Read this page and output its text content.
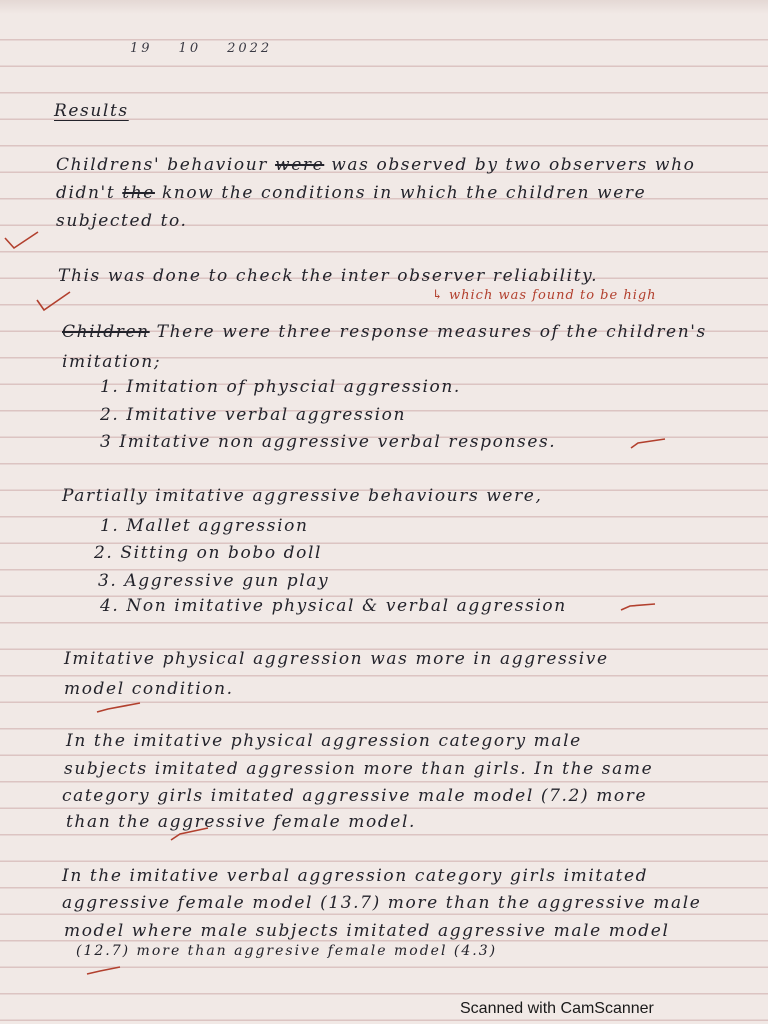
19 10 2022
Results
Childrens' behaviour were was observed by two observers who
didn't the know the conditions in which the children were
subjected to.
This was done to check the inter observer reliability.
↳ which was found to be high
Children There were three response measures of the children's
imitation;
1. Imitation of physcial aggression.
2. Imitative verbal aggression
3 Imitative non aggressive verbal responses.
Partially imitative aggressive behaviours were,
1. Mallet aggression
2. Sitting on bobo doll
3. Aggressive gun play
4. Non imitative physical & verbal aggression
Imitative physical aggression was more in aggressive
model condition.
In the imitative physical aggression category male
subjects imitated aggression more than girls. In the same
category girls imitated aggressive male model (7.2) more
than the aggressive female model.
In the imitative verbal aggression category girls imitated
aggressive female model (13.7) more than the aggressive male
model where male subjects imitated aggressive male model
(12.7) more than aggresive female model (4.3)
Scanned with CamScanner
